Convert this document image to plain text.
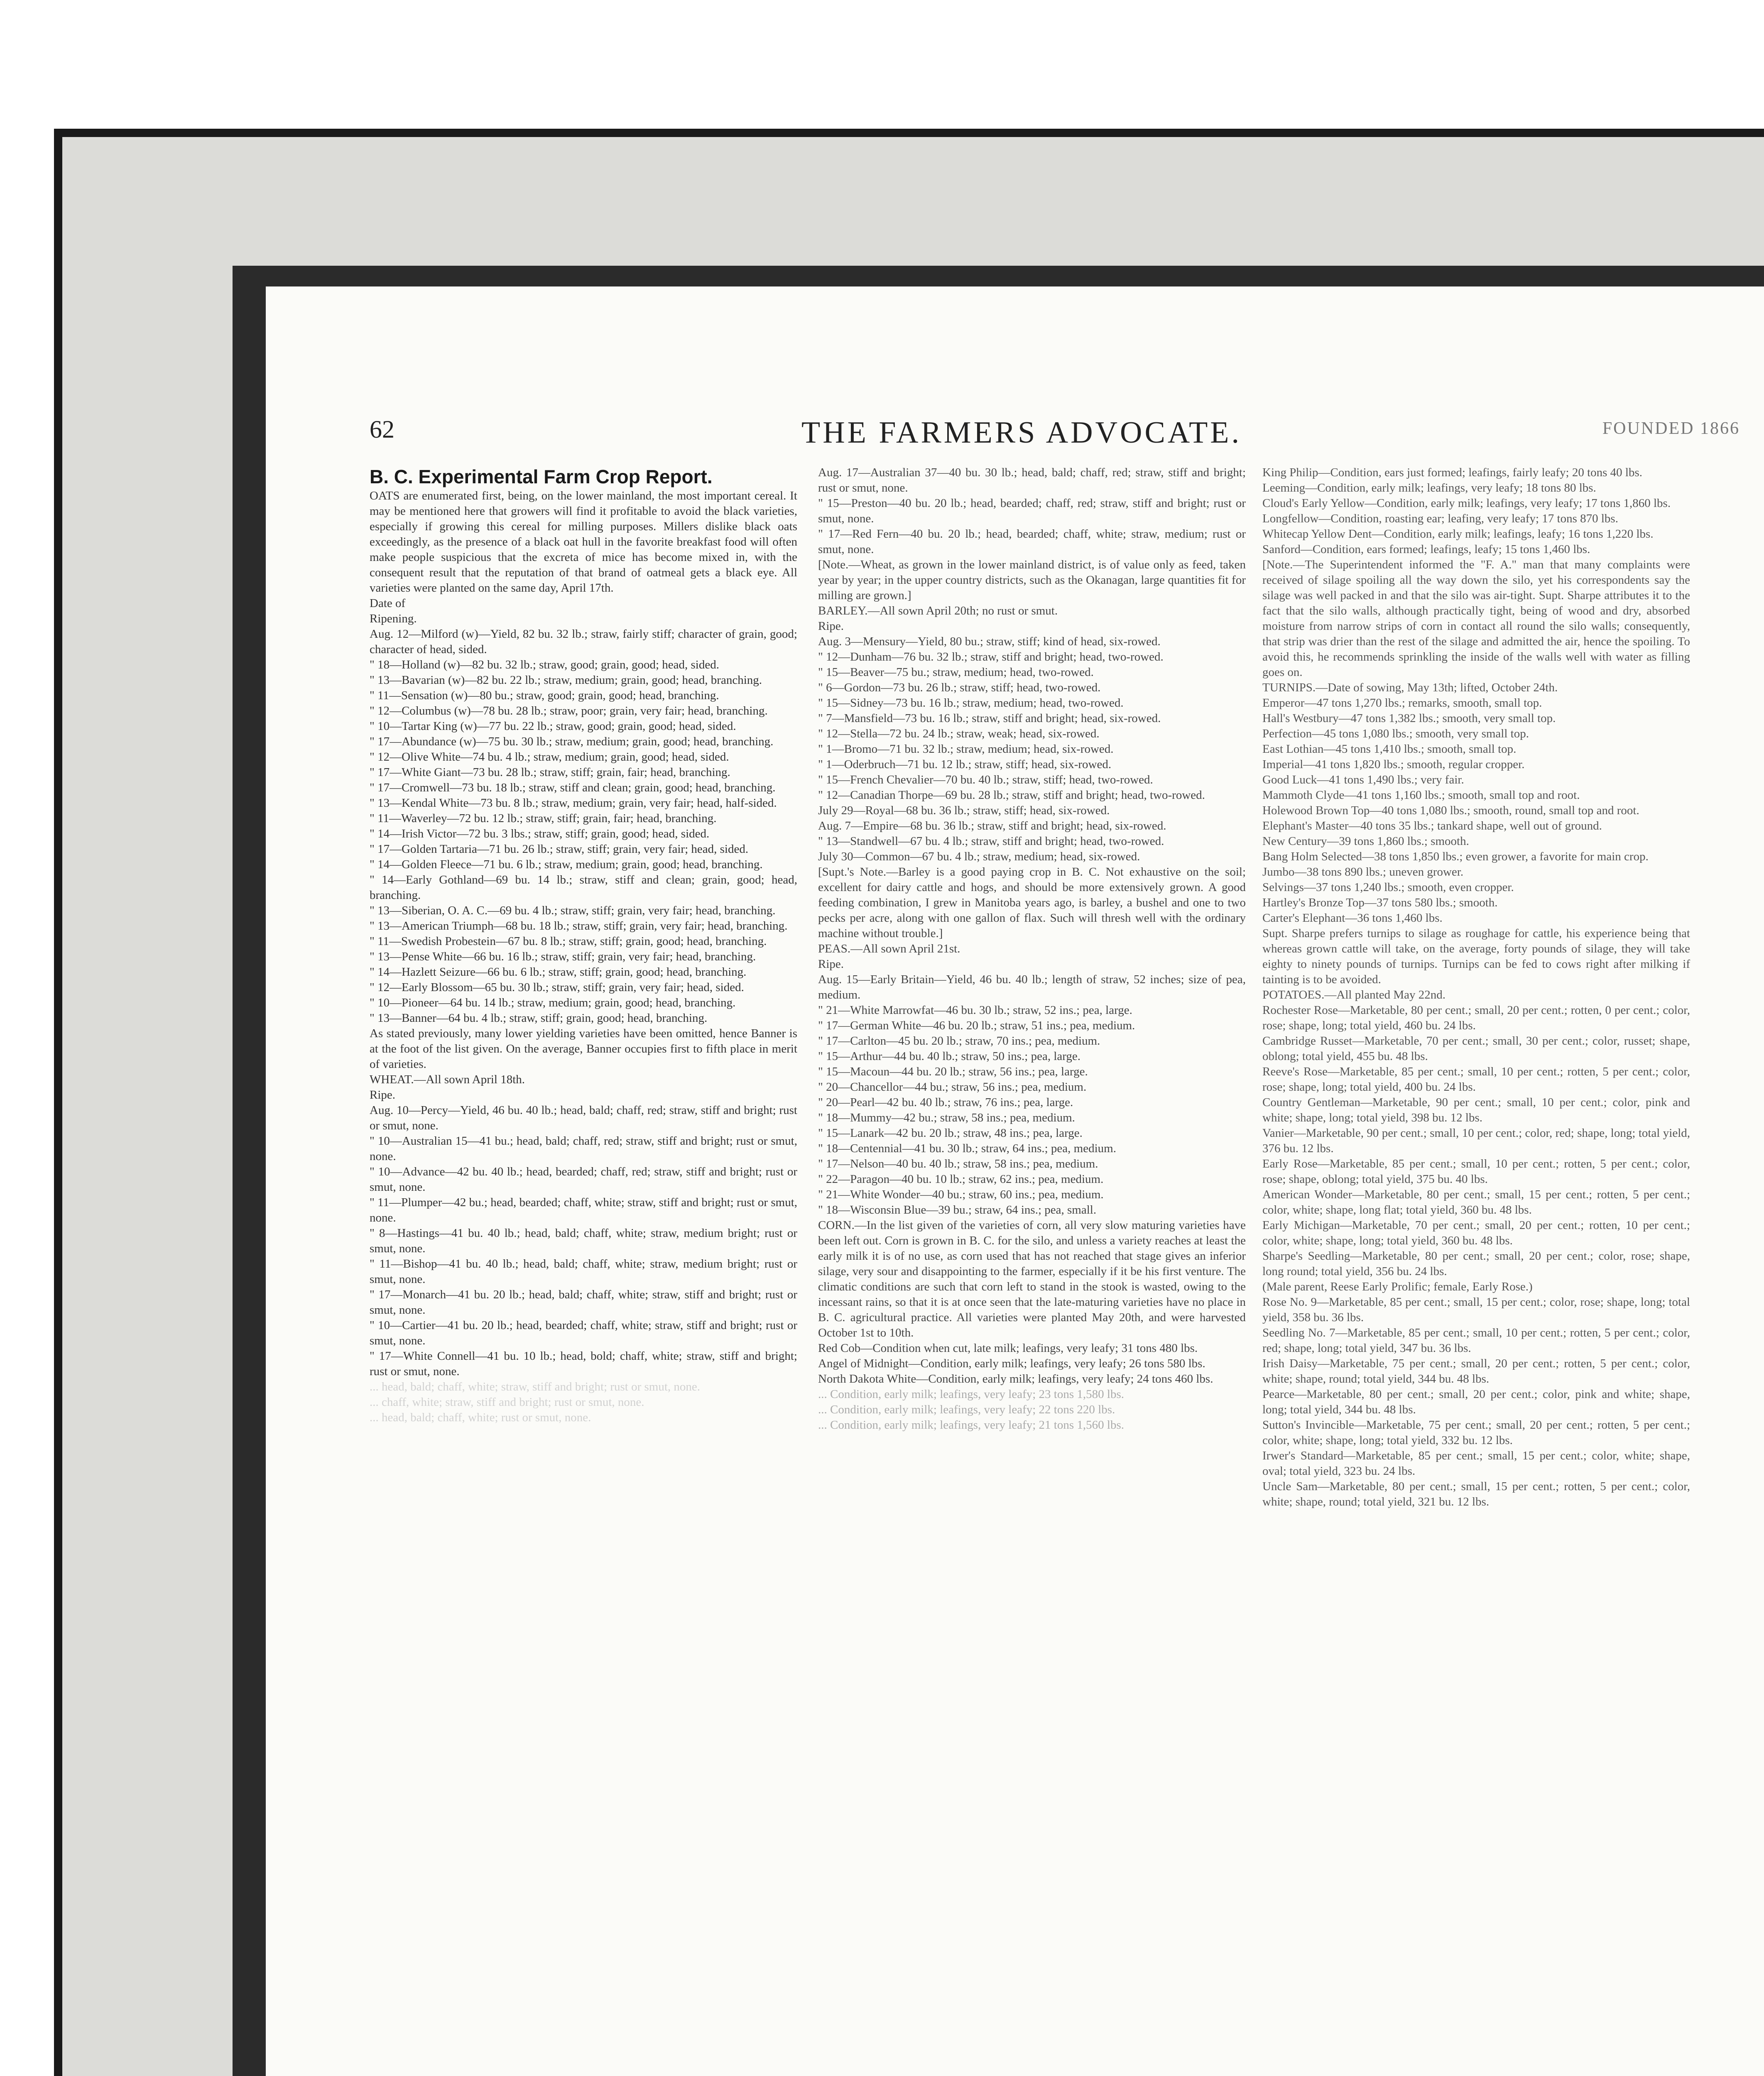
62	THE FARMERS ADVOCATE.	FOUNDED 1866

B. C. Experimental Farm Crop Report.

OATS are enumerated first, being, on the lower mainland, the most important cereal. It may be mentioned here that growers will find it profitable to avoid the black varieties, especially if growing this cereal for milling purposes. Millers dislike black oats exceedingly, as the presence of a black oat hull in the favorite breakfast food will often make people suspicious that the excreta of mice has become mixed in, with the consequent result that the reputation of that brand of oatmeal gets a black eye. All varieties were planted on the same day, April 17th.

Date of
Ripening.
Aug. 12—Milford (w)—Yield, 82 bu. 32 lb.; straw, fairly stiff; character of grain, good; character of head, sided.
" 18—Holland (w)—82 bu. 32 lb.; straw, good; grain, good; head, sided.
" 13—Bavarian (w)—82 bu. 22 lb.; straw, medium; grain, good; head, branching.
" 11—Sensation (w)—80 bu.; straw, good; grain, good; head, branching.
" 12—Columbus (w)—78 bu. 28 lb.; straw, poor; grain, very fair; head, branching.
" 10—Tartar King (w)—77 bu. 22 lb.; straw, good; grain, good; head, sided.
" 17—Abundance (w)—75 bu. 30 lb.; straw, medium; grain, good; head, branching.
" 12—Olive White—74 bu. 4 lb.; straw, medium; grain, good; head, sided.
" 17—White Giant—73 bu. 28 lb.; straw, stiff; grain, fair; head, branching.
" 17—Cromwell—73 bu. 18 lb.; straw, stiff and clean; grain, good; head, branching.
" 13—Kendal White—73 bu. 8 lb.; straw, medium; grain, very fair; head, half-sided.
" 11—Waverley—72 bu. 12 lb.; straw, stiff; grain, fair; head, branching.
" 14—Irish Victor—72 bu. 3 lbs.; straw, stiff; grain, good; head, sided.
" 17—Golden Tartaria—71 bu. 26 lb.; straw, stiff; grain, very fair; head, sided.
" 14—Golden Fleece—71 bu. 6 lb.; straw, medium; grain, good; head, branching.
" 14—Early Gothland—69 bu. 14 lb.; straw, stiff and clean; grain, good; head, branching.
" 13—Siberian, O. A. C.—69 bu. 4 lb.; straw, stiff; grain, very fair; head, branching.
" 13—American Triumph—68 bu. 18 lb.; straw, stiff; grain, very fair; head, branching.
" 11—Swedish Probestein—67 bu. 8 lb.; straw, stiff; grain, good; head, branching.
" 13—Pense White—66 bu. 16 lb.; straw, stiff; grain, very fair; head, branching.
" 14—Hazlett Seizure—66 bu. 6 lb.; straw, stiff; grain, good; head, branching.
" 12—Early Blossom—65 bu. 30 lb.; straw, stiff; grain, very fair; head, sided.
" 10—Pioneer—64 bu. 14 lb.; straw, medium; grain, good; head, branching.
" 13—Banner—64 bu. 4 lb.; straw, stiff; grain, good; head, branching.

As stated previously, many lower yielding varieties have been omitted, hence Banner is at the foot of the list given. On the average, Banner occupies first to fifth place in merit of varieties.

WHEAT.—All sown April 18th.
Ripe.

Aug. 10—Percy—Yield, 46 bu. 40 lb.; head, bald; chaff, red; straw, stiff and bright; rust or smut, none.
" 10—Australian 15—41 bu.; head, bald; chaff, red; straw, stiff and bright; rust or smut, none.
" 10—Advance—42 bu. 40 lb.; head, bearded; chaff, red; straw, stiff and bright; rust or smut, none.
" 11—Plumper—42 bu.; head, bearded; chaff, white; straw, stiff and bright; rust or smut, none.
" 8—Hastings—41 bu. 40 lb.; head, bald; chaff, white; straw, medium bright; rust or smut, none.
" 11—Bishop—41 bu. 40 lb.; head, bald; chaff, white; straw, medium bright; rust or smut, none.
" 17—Monarch—41 bu. 20 lb.; head, bald; chaff, white; straw, stiff and bright; rust or smut, none.
" 10—Cartier—41 bu. 20 lb.; head, bearded; chaff, white; straw, stiff and bright; rust or smut, none.
" 17—White Connell—41 bu. 10 lb.; head, bold; chaff, white; straw, stiff and bright; rust or smut, none.

... head, bald; chaff, white; straw, stiff and bright; rust or smut, none.
... chaff, white; straw, stiff and bright; rust or smut, none.
... head, bald; chaff, white; rust or smut, none.

Aug. 17—Australian 37—40 bu. 30 lb.; head, bald; chaff, red; straw, stiff and bright; rust or smut, none.
" 15—Preston—40 bu. 20 lb.; head, bearded; chaff, red; straw, stiff and bright; rust or smut, none.
" 17—Red Fern—40 bu. 20 lb.; head, bearded; chaff, white; straw, medium; rust or smut, none.

[Note.—Wheat, as grown in the lower mainland district, is of value only as feed, taken year by year; in the upper country districts, such as the Okanagan, large quantities fit for milling are grown.]

BARLEY.—All sown April 20th; no rust or smut.
Ripe.

Aug. 3—Mensury—Yield, 80 bu.; straw, stiff; kind of head, six-rowed.
" 12—Dunham—76 bu. 32 lb.; straw, stiff and bright; head, two-rowed.
" 15—Beaver—75 bu.; straw, medium; head, two-rowed.
" 6—Gordon—73 bu. 26 lb.; straw, stiff; head, two-rowed.
" 15—Sidney—73 bu. 16 lb.; straw, medium; head, two-rowed.
" 7—Mansfield—73 bu. 16 lb.; straw, stiff and bright; head, six-rowed.
" 12—Stella—72 bu. 24 lb.; straw, weak; head, six-rowed.
" 1—Bromo—71 bu. 32 lb.; straw, medium; head, six-rowed.
" 1—Oderbruch—71 bu. 12 lb.; straw, stiff; head, six-rowed.
" 15—French Chevalier—70 bu. 40 lb.; straw, stiff; head, two-rowed.
" 12—Canadian Thorpe—69 bu. 28 lb.; straw, stiff and bright; head, two-rowed.
July 29—Royal—68 bu. 36 lb.; straw, stiff; head, six-rowed.
Aug. 7—Empire—68 bu. 36 lb.; straw, stiff and bright; head, six-rowed.
" 13—Standwell—67 bu. 4 lb.; straw, stiff and bright; head, two-rowed.
July 30—Common—67 bu. 4 lb.; straw, medium; head, six-rowed.

[Supt.'s Note.—Barley is a good paying crop in B. C. Not exhaustive on the soil; excellent for dairy cattle and hogs, and should be more extensively grown. A good feeding combination, I grew in Manitoba years ago, is barley, a bushel and one to two pecks per acre, along with one gallon of flax. Such will thresh well with the ordinary machine without trouble.]

PEAS.—All sown April 21st.
Ripe.

Aug. 15—Early Britain—Yield, 46 bu. 40 lb.; length of straw, 52 inches; size of pea, medium.
" 21—White Marrowfat—46 bu. 30 lb.; straw, 52 ins.; pea, large.
" 17—German White—46 bu. 20 lb.; straw, 51 ins.; pea, medium.
" 17—Carlton—45 bu. 20 lb.; straw, 70 ins.; pea, medium.
" 15—Arthur—44 bu. 40 lb.; straw, 50 ins.; pea, large.
" 15—Macoun—44 bu. 20 lb.; straw, 56 ins.; pea, large.
" 20—Chancellor—44 bu.; straw, 56 ins.; pea, medium.
" 20—Pearl—42 bu. 40 lb.; straw, 76 ins.; pea, large.
" 18—Mummy—42 bu.; straw, 58 ins.; pea, medium.
" 15—Lanark—42 bu. 20 lb.; straw, 48 ins.; pea, large.
" 18—Centennial—41 bu. 30 lb.; straw, 64 ins.; pea, medium.
" 17—Nelson—40 bu. 40 lb.; straw, 58 ins.; pea, medium.
" 22—Paragon—40 bu. 10 lb.; straw, 62 ins.; pea, medium.
" 21—White Wonder—40 bu.; straw, 60 ins.; pea, medium.
" 18—Wisconsin Blue—39 bu.; straw, 64 ins.; pea, small.

CORN.—In the list given of the varieties of corn, all very slow maturing varieties have been left out. Corn is grown in B. C. for the silo, and unless a variety reaches at least the early milk it is of no use, as corn used that has not reached that stage gives an inferior silage, very sour and disappointing to the farmer, especially if it be his first venture. The climatic conditions are such that corn left to stand in the stook is wasted, owing to the incessant rains, so that it is at once seen that the late-maturing varieties have no place in B. C. agricultural practice. All varieties were planted May 20th, and were harvested October 1st to 10th.

Red Cob—Condition when cut, late milk; leafings, very leafy; 31 tons 480 lbs.
Angel of Midnight—Condition, early milk; leafings, very leafy; 26 tons 580 lbs.
North Dakota White—Condition, early milk; leafings, very leafy; 24 tons 460 lbs.

... Condition, early milk; leafings, very leafy; 23 tons 1,580 lbs.
... Condition, early milk; leafings, very leafy; 22 tons 220 lbs.
... Condition, early milk; leafings, very leafy; 21 tons 1,560 lbs.

King Philip—Condition, ears just formed; leafings, fairly leafy; 20 tons 40 lbs.
Leeming—Condition, early milk; leafings, very leafy; 18 tons 80 lbs.
Cloud's Early Yellow—Condition, early milk; leafings, very leafy; 17 tons 1,860 lbs.
Longfellow—Condition, roasting ear; leafing, very leafy; 17 tons 870 lbs.
Whitecap Yellow Dent—Condition, early milk; leafings, leafy; 16 tons 1,220 lbs.
Sanford—Condition, ears formed; leafings, leafy; 15 tons 1,460 lbs.

[Note.—The Superintendent informed the "F. A." man that many complaints were received of silage spoiling all the way down the silo, yet his correspondents say the silage was well packed in and that the silo was air-tight. Supt. Sharpe attributes it to the fact that the silo walls, although practically tight, being of wood and dry, absorbed moisture from narrow strips of corn in contact all round the silo walls; consequently, that strip was drier than the rest of the silage and admitted the air, hence the spoiling. To avoid this, he recommends sprinkling the inside of the walls well with water as filling goes on.

TURNIPS.—Date of sowing, May 13th; lifted, October 24th.

Emperor—47 tons 1,270 lbs.; remarks, smooth, small top.
Hall's Westbury—47 tons 1,382 lbs.; smooth, very small top.
Perfection—45 tons 1,080 lbs.; smooth, very small top.
East Lothian—45 tons 1,410 lbs.; smooth, small top.
Imperial—41 tons 1,820 lbs.; smooth, regular cropper.
Good Luck—41 tons 1,490 lbs.; very fair.
Mammoth Clyde—41 tons 1,160 lbs.; smooth, small top and root.
Holewood Brown Top—40 tons 1,080 lbs.; smooth, round, small top and root.
Elephant's Master—40 tons 35 lbs.; tankard shape, well out of ground.
New Century—39 tons 1,860 lbs.; smooth.
Bang Holm Selected—38 tons 1,850 lbs.; even grower, a favorite for main crop.
Jumbo—38 tons 890 lbs.; uneven grower.
Selvings—37 tons 1,240 lbs.; smooth, even cropper.
Hartley's Bronze Top—37 tons 580 lbs.; smooth.
Carter's Elephant—36 tons 1,460 lbs.

Supt. Sharpe prefers turnips to silage as roughage for cattle, his experience being that whereas grown cattle will take, on the average, forty pounds of silage, they will take eighty to ninety pounds of turnips. Turnips can be fed to cows right after milking if tainting is to be avoided.

POTATOES.—All planted May 22nd.

Rochester Rose—Marketable, 80 per cent.; small, 20 per cent.; rotten, 0 per cent.; color, rose; shape, long; total yield, 460 bu. 24 lbs.
Cambridge Russet—Marketable, 70 per cent.; small, 30 per cent.; color, russet; shape, oblong; total yield, 455 bu. 48 lbs.
Reeve's Rose—Marketable, 85 per cent.; small, 10 per cent.; rotten, 5 per cent.; color, rose; shape, long; total yield, 400 bu. 24 lbs.
Country Gentleman—Marketable, 90 per cent.; small, 10 per cent.; color, pink and white; shape, long; total yield, 398 bu. 12 lbs.
Vanier—Marketable, 90 per cent.; small, 10 per cent.; color, red; shape, long; total yield, 376 bu. 12 lbs.
Early Rose—Marketable, 85 per cent.; small, 10 per cent.; rotten, 5 per cent.; color, rose; shape, oblong; total yield, 375 bu. 40 lbs.
American Wonder—Marketable, 80 per cent.; small, 15 per cent.; rotten, 5 per cent.; color, white; shape, long flat; total yield, 360 bu. 48 lbs.
Early Michigan—Marketable, 70 per cent.; small, 20 per cent.; rotten, 10 per cent.; color, white; shape, long; total yield, 360 bu. 48 lbs.
Sharpe's Seedling—Marketable, 80 per cent.; small, 20 per cent.; color, rose; shape, long round; total yield, 356 bu. 24 lbs.
(Male parent, Reese Early Prolific; female, Early Rose.)
Rose No. 9—Marketable, 85 per cent.; small, 15 per cent.; color, rose; shape, long; total yield, 358 bu. 36 lbs.
Seedling No. 7—Marketable, 85 per cent.; small, 10 per cent.; rotten, 5 per cent.; color, red; shape, long; total yield, 347 bu. 36 lbs.
Irish Daisy—Marketable, 75 per cent.; small, 20 per cent.; rotten, 5 per cent.; color, white; shape, round; total yield, 344 bu. 48 lbs.
Pearce—Marketable, 80 per cent.; small, 20 per cent.; color, pink and white; shape, long; total yield, 344 bu. 48 lbs.
Sutton's Invincible—Marketable, 75 per cent.; small, 20 per cent.; rotten, 5 per cent.; color, white; shape, long; total yield, 332 bu. 12 lbs.
Irwer's Standard—Marketable, 85 per cent.; small, 15 per cent.; color, white; shape, oval; total yield, 323 bu. 24 lbs.
Uncle Sam—Marketable, 80 per cent.; small, 15 per cent.; rotten, 5 per cent.; color, white; shape, round; total yield, 321 bu. 12 lbs.
